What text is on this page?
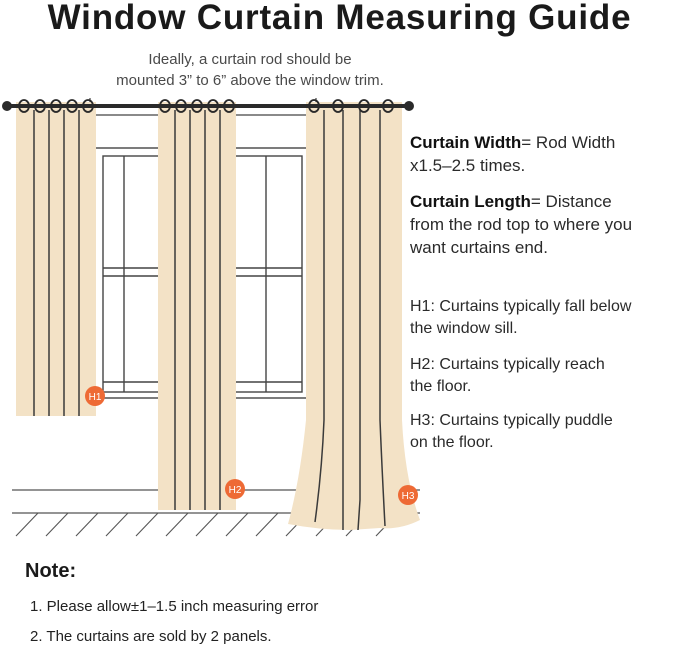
Window Curtain Measuring Guide
Ideally, a curtain rod should be
mounted 3” to 6” above the window trim.
H1
H2
H3
Curtain Width= Rod Width
x1.5–2.5 times.
Curtain Length= Distance
from the rod top to where you
want curtains end.
H1: Curtains typically fall below
the window sill.
H2: Curtains typically reach
the floor.
H3: Curtains typically puddle
on the floor.
Note:
1. Please allow±1–1.5 inch measuring error
2. The curtains are sold by 2 panels.
